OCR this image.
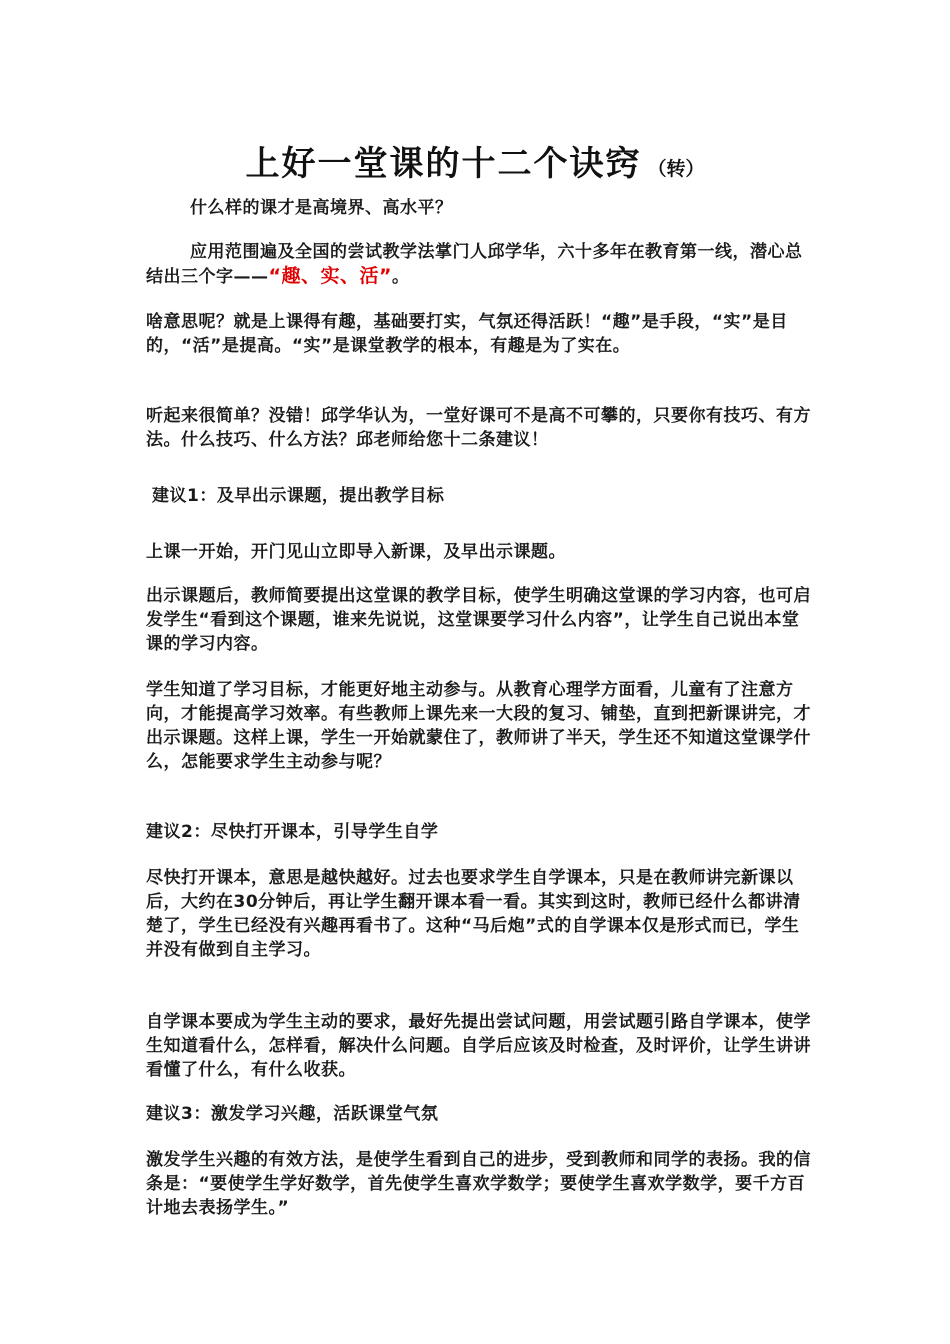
上好一堂课的十二个诀窍 （转）

什么样的课才是高境界、高水平？

应用范围遍及全国的尝试教学法掌门人邱学华，六十多年在教育第一线，潜心总结出三个字——“趣、实、活”。

啥意思呢？就是上课得有趣，基础要打实，气氛还得活跃！“趣”是手段，“实”是目的，“活”是提高。“实”是课堂教学的根本，有趣是为了实在。

听起来很简单？没错！邱学华认为，一堂好课可不是高不可攀的，只要你有技巧、有方法。什么技巧、什么方法？邱老师给您十二条建议！

建议1：及早出示课题，提出教学目标

上课一开始，开门见山立即导入新课，及早出示课题。

出示课题后，教师简要提出这堂课的教学目标，使学生明确这堂课的学习内容，也可启发学生“看到这个课题，谁来先说说，这堂课要学习什么内容”，让学生自己说出本堂课的学习内容。

学生知道了学习目标，才能更好地主动参与。从教育心理学方面看，儿童有了注意方向，才能提高学习效率。有些教师上课先来一大段的复习、铺垫，直到把新课讲完，才出示课题。这样上课，学生一开始就蒙住了，教师讲了半天，学生还不知道这堂课学什么，怎能要求学生主动参与呢？

建议2：尽快打开课本，引导学生自学

尽快打开课本，意思是越快越好。过去也要求学生自学课本，只是在教师讲完新课以后，大约在30分钟后，再让学生翻开课本看一看。其实到这时，教师已经什么都讲清楚了，学生已经没有兴趣再看书了。这种“马后炮”式的自学课本仅是形式而已，学生并没有做到自主学习。

自学课本要成为学生主动的要求，最好先提出尝试问题，用尝试题引路自学课本，使学生知道看什么，怎样看，解决什么问题。自学后应该及时检查，及时评价，让学生讲讲看懂了什么，有什么收获。

建议3：激发学习兴趣，活跃课堂气氛

激发学生兴趣的有效方法，是使学生看到自己的进步，受到教师和同学的表扬。我的信条是：“要使学生学好数学，首先使学生喜欢学数学；要使学生喜欢学数学，要千方百计地去表扬学生。”
